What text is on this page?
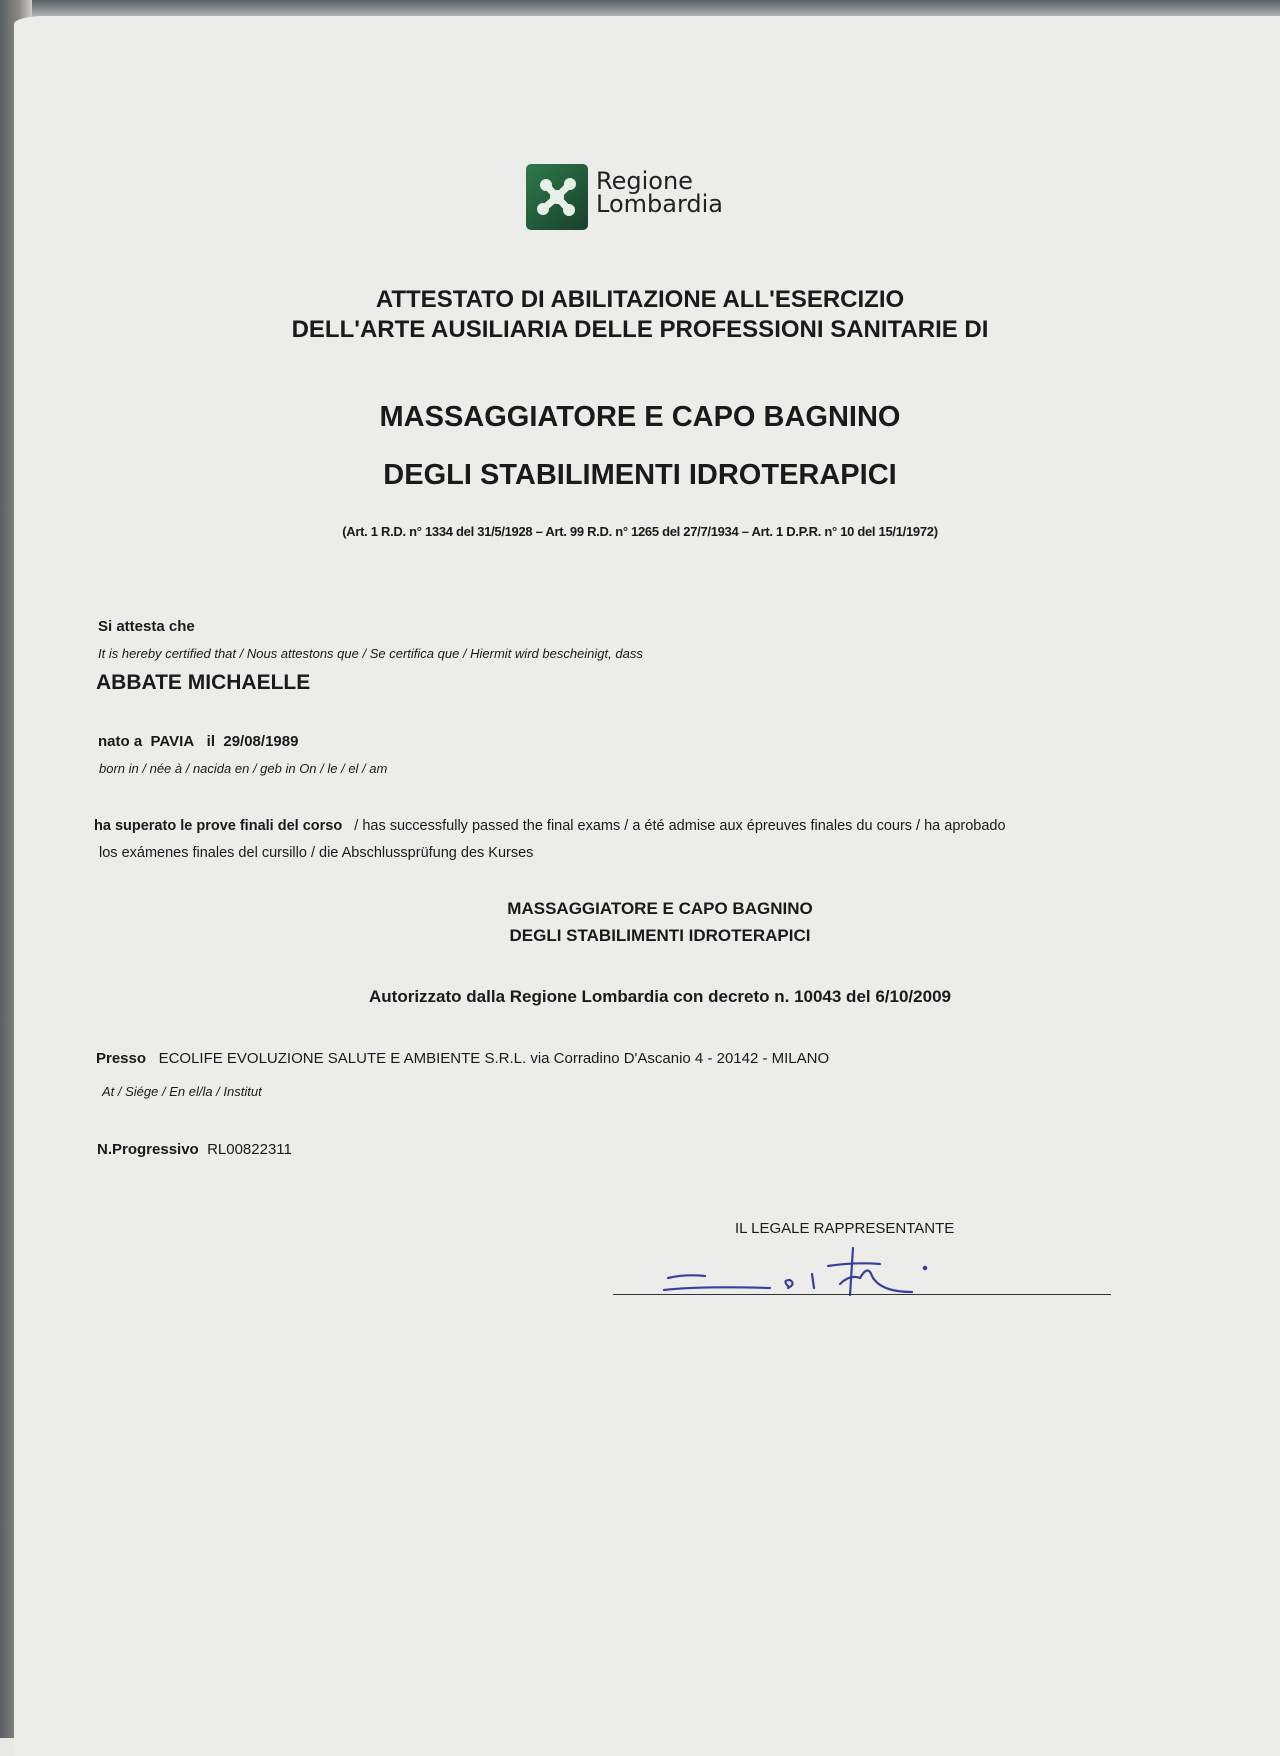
Regione
Lombardia
ATTESTATO DI ABILITAZIONE ALL'ESERCIZIO
DELL'ARTE AUSILIARIA DELLE PROFESSIONI SANITARIE DI
MASSAGGIATORE E CAPO BAGNINO
DEGLI STABILIMENTI IDROTERAPICI
(Art. 1 R.D. n° 1334 del 31/5/1928 – Art. 99 R.D. n° 1265 del 27/7/1934 – Art. 1 D.P.R. n° 10 del 15/1/1972)
Si attesta che
It is hereby certified that / Nous attestons que / Se certifica que / Hiermit wird bescheinigt, dass
ABBATE MICHAELLE
nato a PAVIA il 29/08/1989
born in / née à / nacida en / geb in On / le / el / am
ha superato le prove finali del corso / has successfully passed the final exams / a été admise aux épreuves finales du cours / ha aprobado
los exámenes finales del cursillo / die Abschlussprüfung des Kurses
MASSAGGIATORE E CAPO BAGNINO
DEGLI STABILIMENTI IDROTERAPICI
Autorizzato dalla Regione Lombardia con decreto n. 10043 del 6/10/2009
Presso ECOLIFE EVOLUZIONE SALUTE E AMBIENTE S.R.L. via Corradino D'Ascanio 4 - 20142 - MILANO
At / Siége / En el/la / Institut
N.Progressivo RL00822311
IL LEGALE RAPPRESENTANTE
